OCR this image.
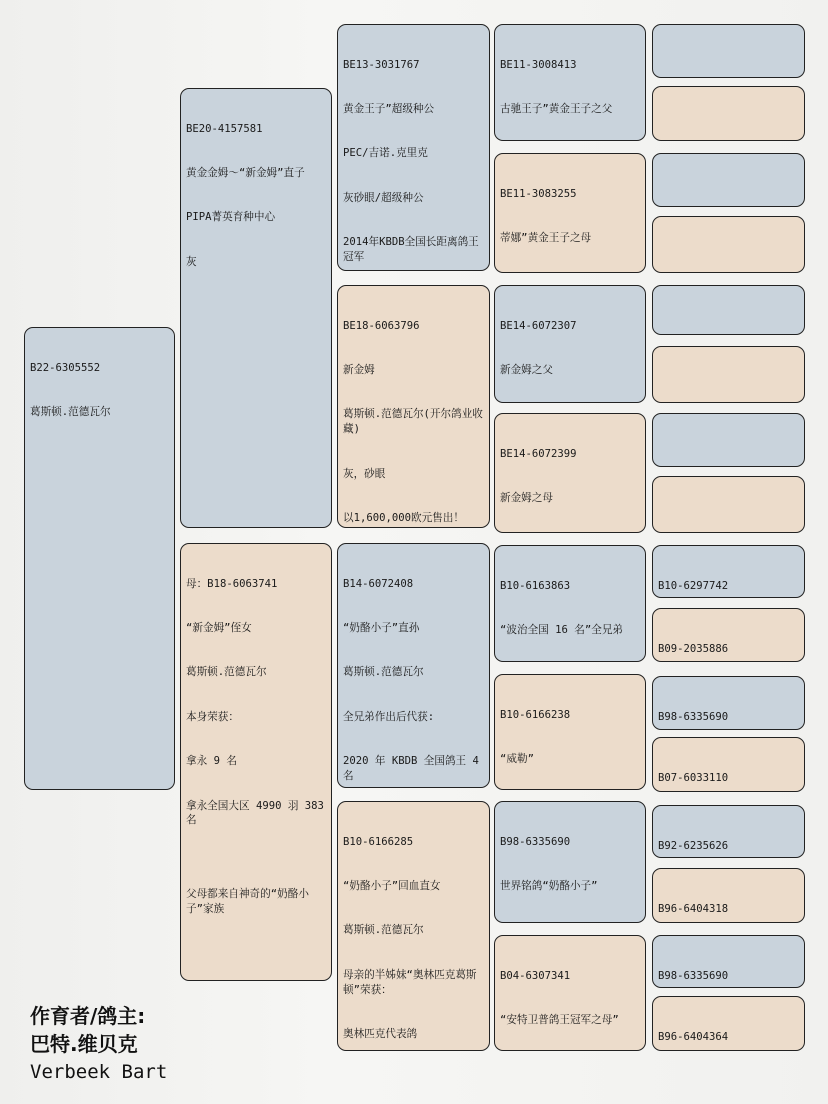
B22-6305552

葛斯顿.范德瓦尔

BE20-4157581

黄金金姆～“新金姆”直子

PIPA菁英育种中心

灰

母：B18-6063741

“新金姆”侄女

葛斯顿.范德瓦尔

本身荣获：

拿永 9 名

拿永全国大区 4990 羽 383 名

父母都来自神奇的“奶酪小子”家族

BE13-3031767

黄金王子”超级种公

PEC/吉诺.克里克

灰砂眼/超级种公

2014年KBDB全国长距离鸽王冠军

BE18-6063796

新金姆

葛斯顿.范德瓦尔(开尔鸽业收藏)

灰，砂眼

以1,600,000欧元售出！

B14-6072408

“奶酪小子”直孙

葛斯顿.范德瓦尔

全兄弟作出后代获:

2020 年 KBDB 全国鸽王 4 名

B10-6166285

“奶酪小子”回血直女

葛斯顿.范德瓦尔

母亲的半姊妹“奥林匹克葛斯顿”荣获：

奥林匹克代表鸽

BE11-3008413

古驰王子”黄金王子之父

BE11-3083255

蒂娜”黄金王子之母

BE14-6072307

新金姆之父

BE14-6072399

新金姆之母

B10-6163863

“波治全国 16 名”全兄弟

B10-6166238

“威勒”

B98-6335690

世界铭鸽“奶酪小子”

B04-6307341

“安特卫普鸽王冠军之母”

B10-6297742

B09-2035886

B98-6335690

B07-6033110

B92-6235626

B96-6404318

B98-6335690

B96-6404364

作育者/鸽主:
巴特.维贝克
Verbeek Bart
